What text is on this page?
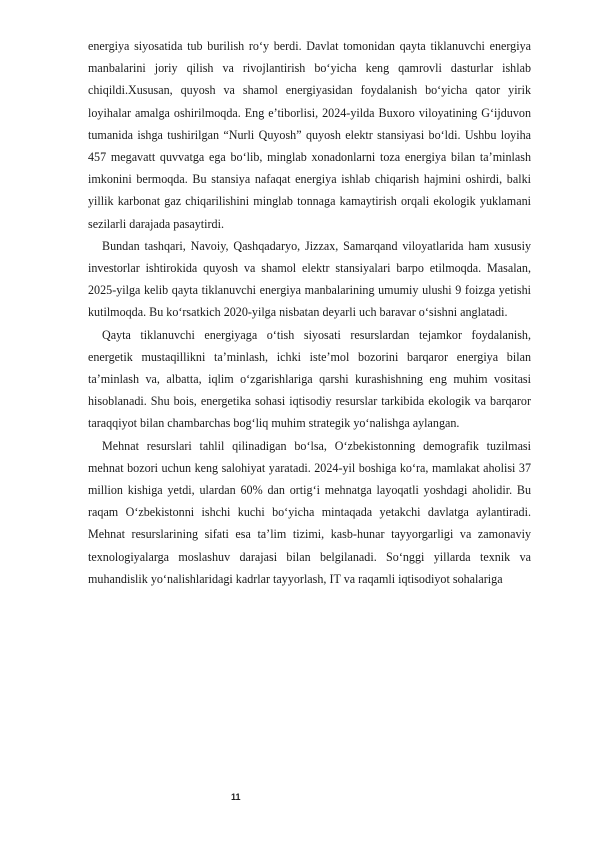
energiya siyosatida tub burilish ro‘y berdi. Davlat tomonidan qayta tiklanuvchi energiya manbalarini joriy qilish va rivojlantirish bo‘yicha keng qamrovli dasturlar ishlab chiqildi.Xususan, quyosh va shamol energiyasidan foydalanish bo‘yicha qator yirik loyihalar amalga oshirilmoqda. Eng e’tiborlisi, 2024-yilda Buxoro viloyatining G‘ijduvon tumanida ishga tushirilgan “Nurli Quyosh” quyosh elektr stansiyasi bo‘ldi. Ushbu loyiha 457 megavatt quvvatga ega bo‘lib, minglab xonadonlarni toza energiya bilan ta’minlash imkonini bermoqda. Bu stansiya nafaqat energiya ishlab chiqarish hajmini oshirdi, balki yillik karbonat gaz chiqarilishini minglab tonnaga kamaytirish orqali ekologik yuklamani sezilarli darajada pasaytirdi.

Bundan tashqari, Navoiy, Qashqadaryo, Jizzax, Samarqand viloyatlarida ham xususiy investorlar ishtirokida quyosh va shamol elektr stansiyalari barpo etilmoqda. Masalan, 2025-yilga kelib qayta tiklanuvchi energiya manbalarining umumiy ulushi 9 foizga yetishi kutilmoqda. Bu ko‘rsatkich 2020-yilga nisbatan deyarli uch baravar o‘sishni anglatadi.

Qayta tiklanuvchi energiyaga o‘tish siyosati resurslardan tejamkor foydalanish, energetik mustaqillikni ta’minlash, ichki iste’mol bozorini barqaror energiya bilan ta’minlash va, albatta, iqlim o‘zgarishlariga qarshi kurashishning eng muhim vositasi hisoblanadi. Shu bois, energetika sohasi iqtisodiy resurslar tarkibida ekologik va barqaror taraqqiyot bilan chambarchas bog‘liq muhim strategik yo‘nalishga aylangan.

Mehnat resurslari tahlil qilinadigan bo‘lsa, O‘zbekistonning demografik tuzilmasi mehnat bozori uchun keng salohiyat yaratadi. 2024-yil boshiga ko‘ra, mamlakat aholisi 37 million kishiga yetdi, ulardan 60% dan ortig‘i mehnatga layoqatli yoshdagi aholidir. Bu raqam O‘zbekistonni ishchi kuchi bo‘yicha mintaqada yetakchi davlatga aylantiradi. Mehnat resurslarining sifati esa ta’lim tizimi, kasb-hunar tayyorgarligi va zamonaviy texnologiyalarga moslashuv darajasi bilan belgilanadi. So‘nggi yillarda texnik va muhandislik yo‘nalishlaridagi kadrlar tayyorlash, IT va raqamli iqtisodiyot sohalariga

11
